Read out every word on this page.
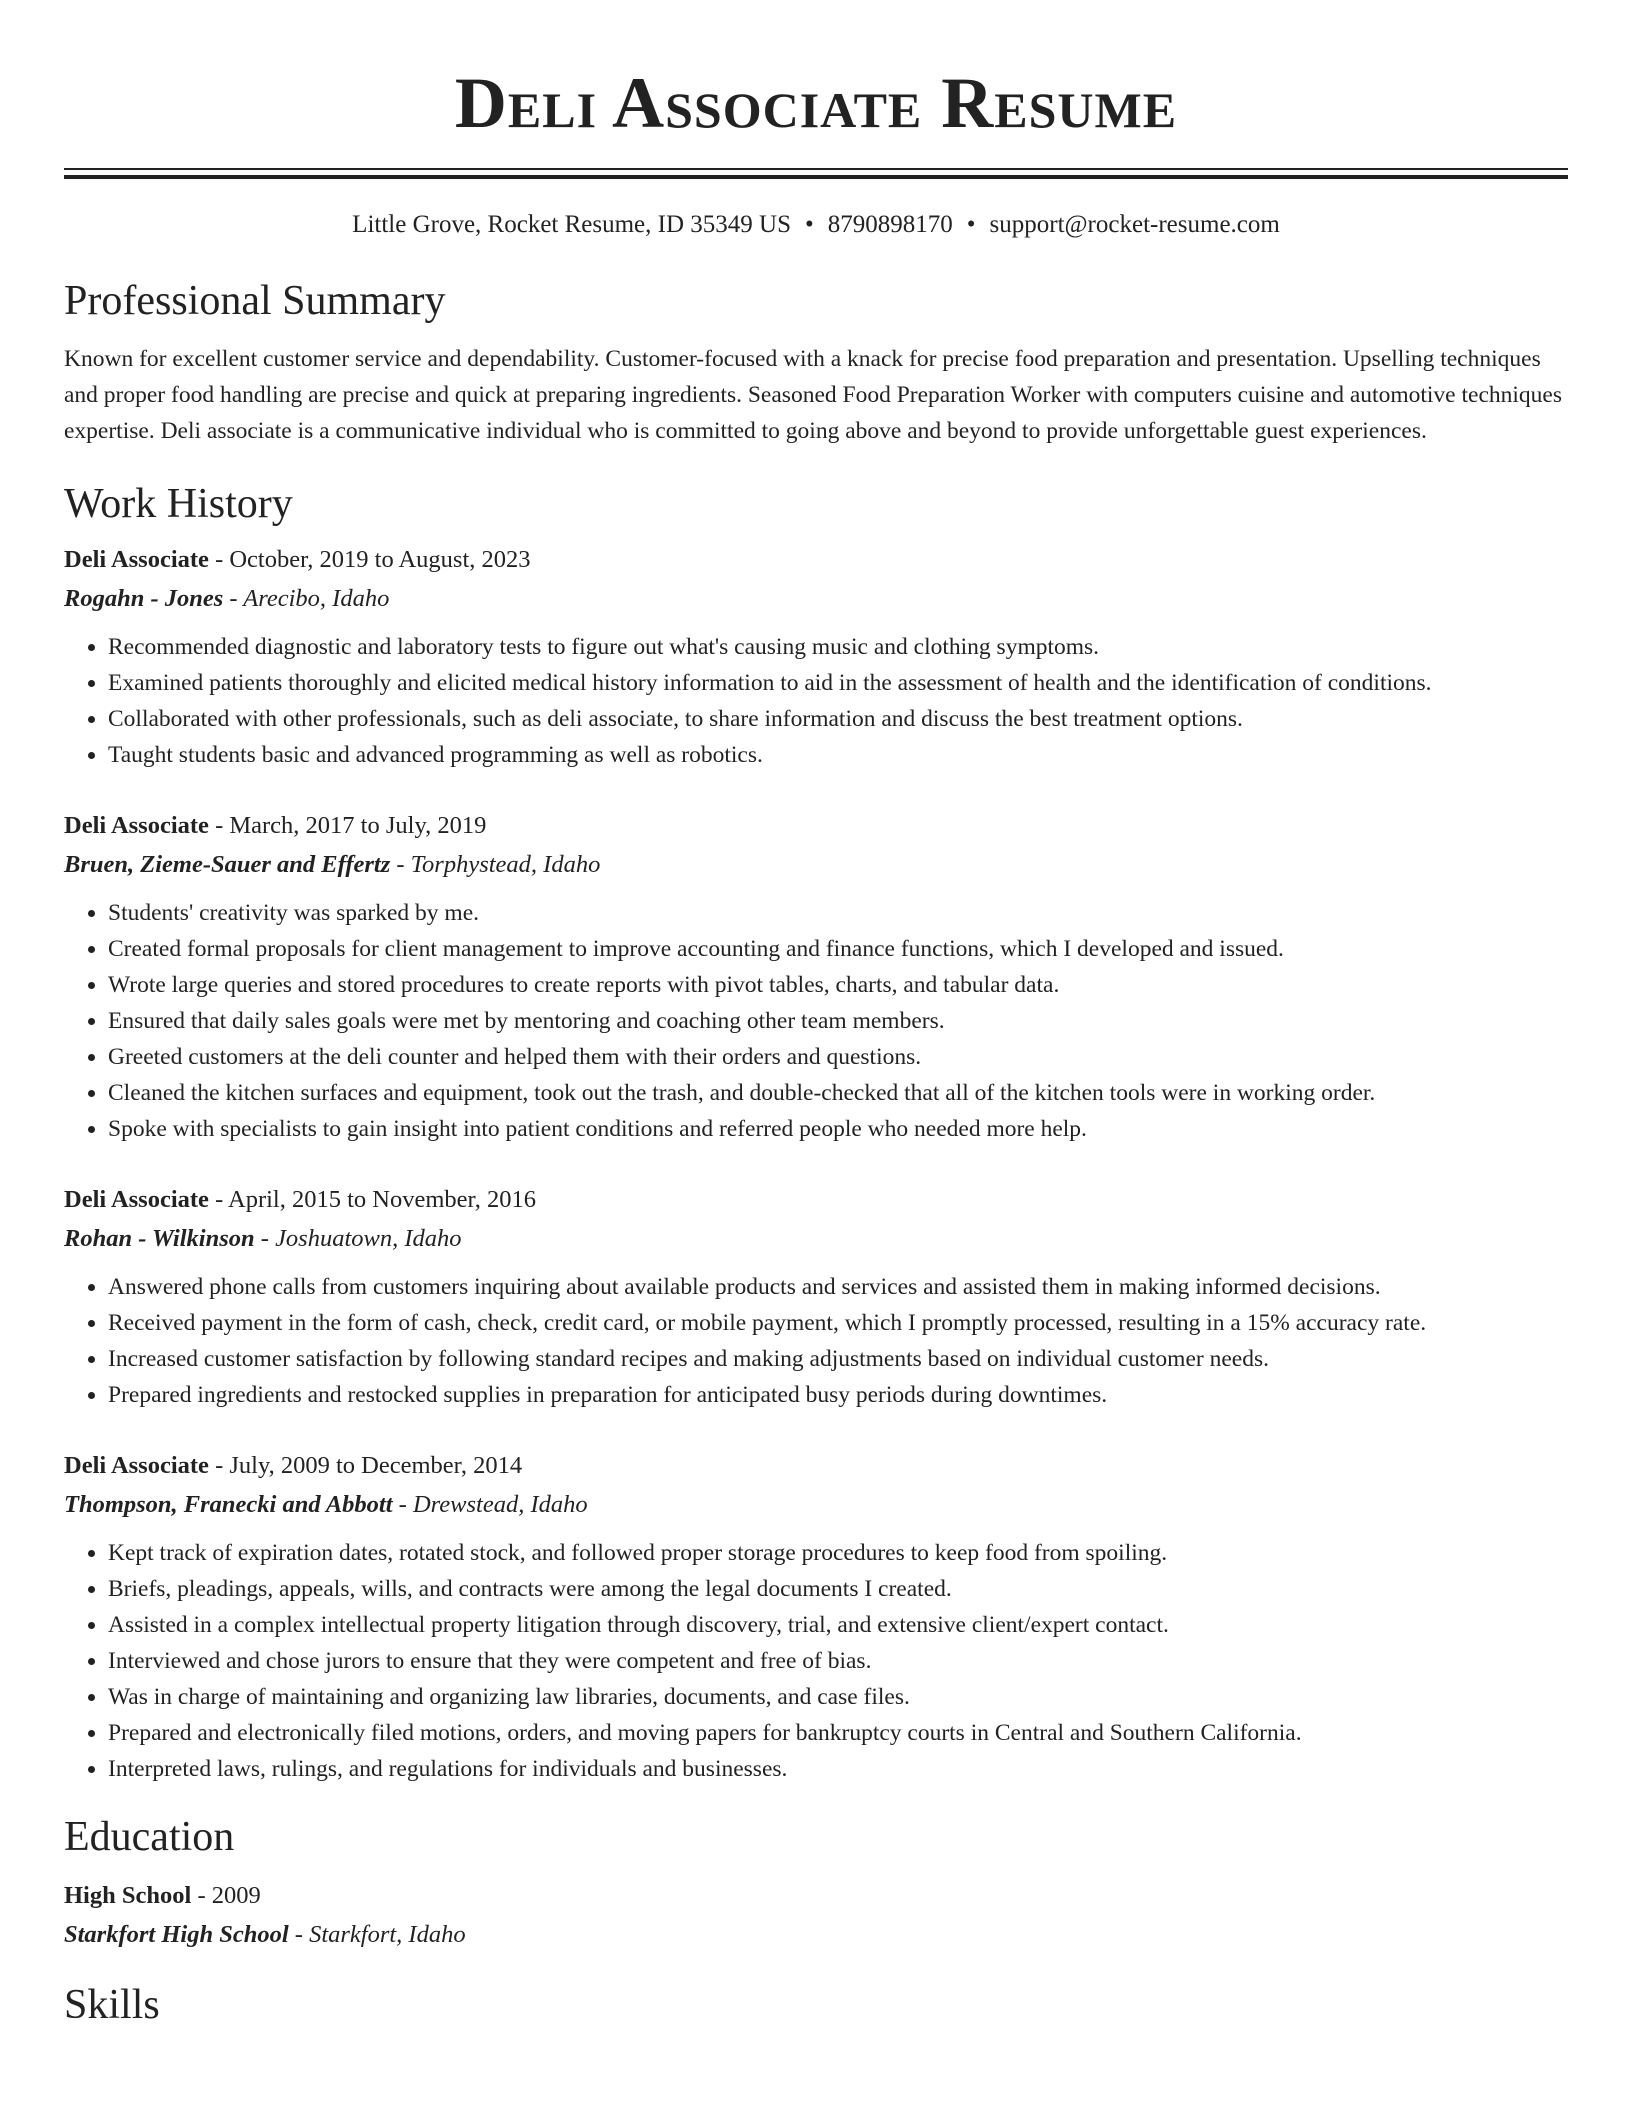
Deli Associate Resume
Little Grove, Rocket Resume, ID 35349 US • 8790898170 • support@rocket-resume.com
Professional Summary

Known for excellent customer service and dependability. Customer-focused with a knack for precise food preparation and presentation. Upselling techniques and proper food handling are precise and quick at preparing ingredients. Seasoned Food Preparation Worker with computers cuisine and automotive techniques expertise. Deli associate is a communicative individual who is committed to going above and beyond to provide unforgettable guest experiences.

Work History

Deli Associate - October, 2019 to August, 2023

Rogahn - Jones - Arecibo, Idaho

• Recommended diagnostic and laboratory tests to figure out what's causing music and clothing symptoms.
• Examined patients thoroughly and elicited medical history information to aid in the assessment of health and the identification of conditions.
• Collaborated with other professionals, such as deli associate, to share information and discuss the best treatment options.
• Taught students basic and advanced programming as well as robotics.

Deli Associate - March, 2017 to July, 2019

Bruen, Zieme-Sauer and Effertz - Torphystead, Idaho

• Students' creativity was sparked by me.
• Created formal proposals for client management to improve accounting and finance functions, which I developed and issued.
• Wrote large queries and stored procedures to create reports with pivot tables, charts, and tabular data.
• Ensured that daily sales goals were met by mentoring and coaching other team members.
• Greeted customers at the deli counter and helped them with their orders and questions.
• Cleaned the kitchen surfaces and equipment, took out the trash, and double-checked that all of the kitchen tools were in working order.
• Spoke with specialists to gain insight into patient conditions and referred people who needed more help.

Deli Associate - April, 2015 to November, 2016

Rohan - Wilkinson - Joshuatown, Idaho

• Answered phone calls from customers inquiring about available products and services and assisted them in making informed decisions.
• Received payment in the form of cash, check, credit card, or mobile payment, which I promptly processed, resulting in a 15% accuracy rate.
• Increased customer satisfaction by following standard recipes and making adjustments based on individual customer needs.
• Prepared ingredients and restocked supplies in preparation for anticipated busy periods during downtimes.

Deli Associate - July, 2009 to December, 2014

Thompson, Franecki and Abbott - Drewstead, Idaho

• Kept track of expiration dates, rotated stock, and followed proper storage procedures to keep food from spoiling.
• Briefs, pleadings, appeals, wills, and contracts were among the legal documents I created.
• Assisted in a complex intellectual property litigation through discovery, trial, and extensive client/expert contact.
• Interviewed and chose jurors to ensure that they were competent and free of bias.
• Was in charge of maintaining and organizing law libraries, documents, and case files.
• Prepared and electronically filed motions, orders, and moving papers for bankruptcy courts in Central and Southern California.
• Interpreted laws, rulings, and regulations for individuals and businesses.
Education

High School - 2009

Starkfort High School - Starkfort, Idaho

Skills
